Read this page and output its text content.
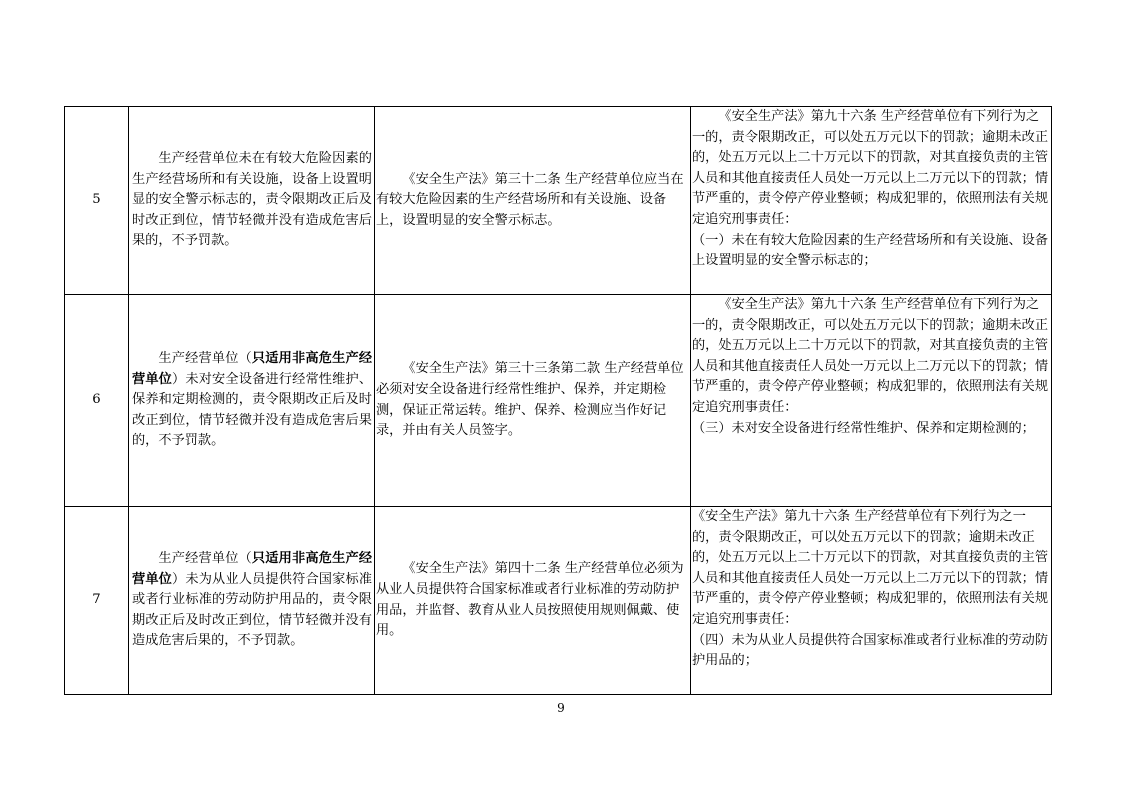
5	生产经营单位未在有较大危险因素的生产经营场所和有关设施，设备上设置明显的安全警示标志的，责令限期改正后及时改正到位，情节轻微并没有造成危害后果的，不予罚款。	《安全生产法》第三十二条 生产经营单位应当在有较大危险因素的生产经营场所和有关设施、设备上，设置明显的安全警示标志。	《安全生产法》第九十六条 生产经营单位有下列行为之一的，责令限期改正，可以处五万元以下的罚款；逾期未改正的，处五万元以上二十万元以下的罚款，对其直接负责的主管人员和其他直接责任人员处一万元以上二万元以下的罚款；情节严重的，责令停产停业整顿；构成犯罪的，依照刑法有关规定追究刑事责任：

（一）未在有较大危险因素的生产经营场所和有关设施、设备上设置明显的安全警示标志的；

6	生产经营单位（只适用非高危生产经营单位）未对安全设备进行经常性维护、保养和定期检测的，责令限期改正后及时改正到位，情节轻微并没有造成危害后果的，不予罚款。	《安全生产法》第三十三条第二款 生产经营单位必须对安全设备进行经常性维护、保养，并定期检测，保证正常运转。维护、保养、检测应当作好记录，并由有关人员签字。	《安全生产法》第九十六条 生产经营单位有下列行为之一的，责令限期改正，可以处五万元以下的罚款；逾期未改正的，处五万元以上二十万元以下的罚款，对其直接负责的主管人员和其他直接责任人员处一万元以上二万元以下的罚款；情节严重的，责令停产停业整顿；构成犯罪的，依照刑法有关规定追究刑事责任：

（三）未对安全设备进行经常性维护、保养和定期检测的；

7	生产经营单位（只适用非高危生产经营单位）未为从业人员提供符合国家标准或者行业标准的劳动防护用品的，责令限期改正后及时改正到位，情节轻微并没有造成危害后果的，不予罚款。	《安全生产法》第四十二条 生产经营单位必须为从业人员提供符合国家标准或者行业标准的劳动防护用品，并监督、教育从业人员按照使用规则佩戴、使用。	《安全生产法》第九十六条 生产经营单位有下列行为之一的，责令限期改正，可以处五万元以下的罚款；逾期未改正的，处五万元以上二十万元以下的罚款，对其直接负责的主管人员和其他直接责任人员处一万元以上二万元以下的罚款；情节严重的，责令停产停业整顿；构成犯罪的，依照刑法有关规定追究刑事责任：

（四）未为从业人员提供符合国家标准或者行业标准的劳动防护用品的；

9
